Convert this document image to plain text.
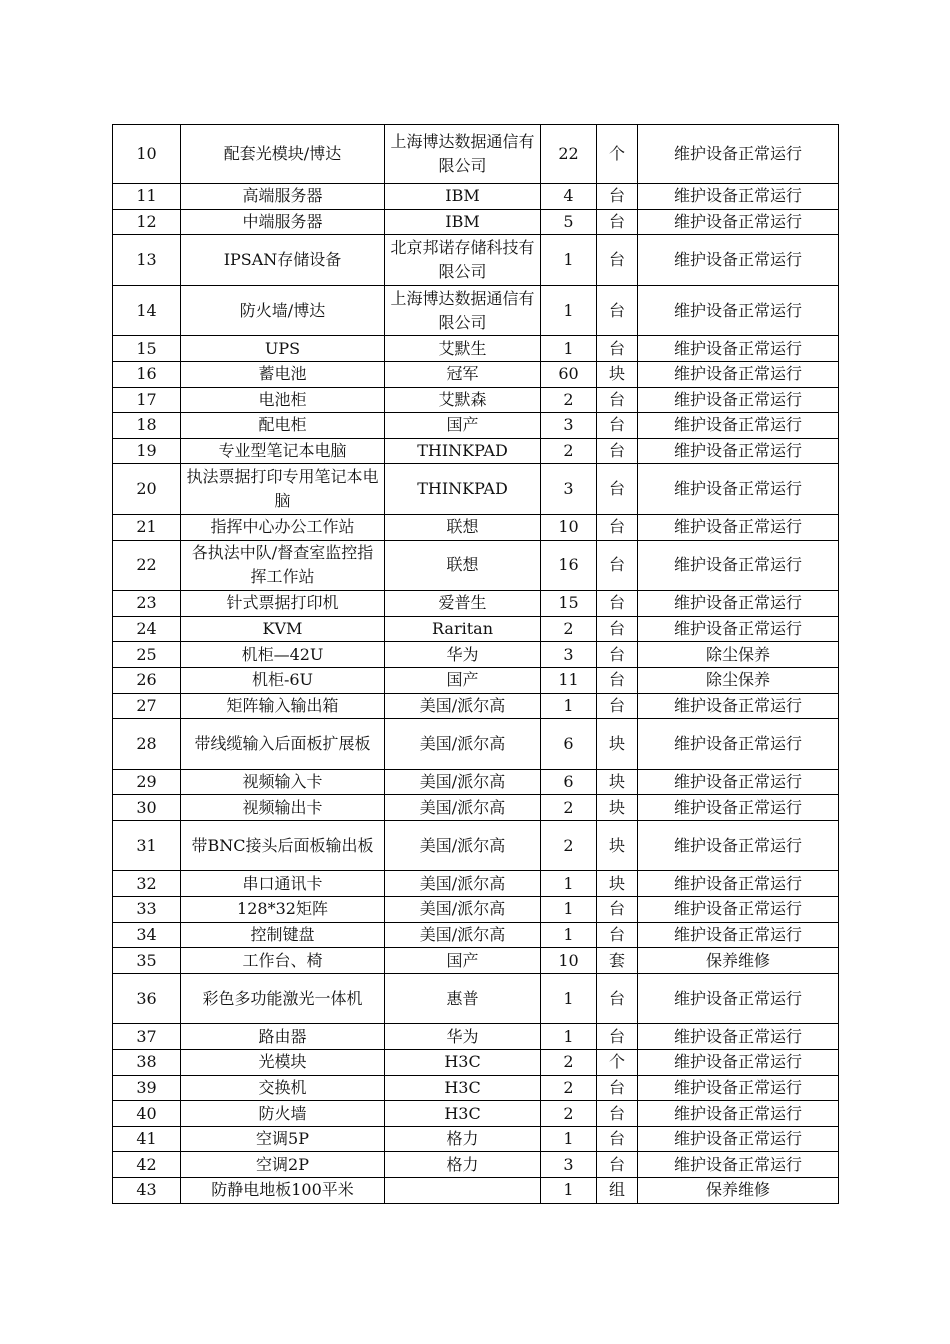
10	配套光模块/博达	上海博达数据通信有限公司	22	个	维护设备正常运行
11	高端服务器	IBM	4	台	维护设备正常运行
12	中端服务器	IBM	5	台	维护设备正常运行
13	IPSAN存储设备	北京邦诺存储科技有限公司	1	台	维护设备正常运行
14	防火墙/博达	上海博达数据通信有限公司	1	台	维护设备正常运行
15	UPS	艾默生	1	台	维护设备正常运行
16	蓄电池	冠军	60	块	维护设备正常运行
17	电池柜	艾默森	2	台	维护设备正常运行
18	配电柜	国产	3	台	维护设备正常运行
19	专业型笔记本电脑	THINKPAD	2	台	维护设备正常运行
20	执法票据打印专用笔记本电脑	THINKPAD	3	台	维护设备正常运行
21	指挥中心办公工作站	联想	10	台	维护设备正常运行
22	各执法中队/督查室监控指挥工作站	联想	16	台	维护设备正常运行
23	针式票据打印机	爱普生	15	台	维护设备正常运行
24	KVM	Raritan	2	台	维护设备正常运行
25	机柜—42U	华为	3	台	除尘保养
26	机柜-6U	国产	11	台	除尘保养
27	矩阵输入输出箱	美国/派尔高	1	台	维护设备正常运行
28	带线缆输入后面板扩展板	美国/派尔高	6	块	维护设备正常运行
29	视频输入卡	美国/派尔高	6	块	维护设备正常运行
30	视频输出卡	美国/派尔高	2	块	维护设备正常运行
31	带BNC接头后面板输出板	美国/派尔高	2	块	维护设备正常运行
32	串口通讯卡	美国/派尔高	1	块	维护设备正常运行
33	128*32矩阵	美国/派尔高	1	台	维护设备正常运行
34	控制键盘	美国/派尔高	1	台	维护设备正常运行
35	工作台、椅	国产	10	套	保养维修
36	彩色多功能激光一体机	惠普	1	台	维护设备正常运行
37	路由器	华为	1	台	维护设备正常运行
38	光模块	H3C	2	个	维护设备正常运行
39	交换机	H3C	2	台	维护设备正常运行
40	防火墙	H3C	2	台	维护设备正常运行
41	空调5P	格力	1	台	维护设备正常运行
42	空调2P	格力	3	台	维护设备正常运行
43	防静电地板100平米		1	组	保养维修
